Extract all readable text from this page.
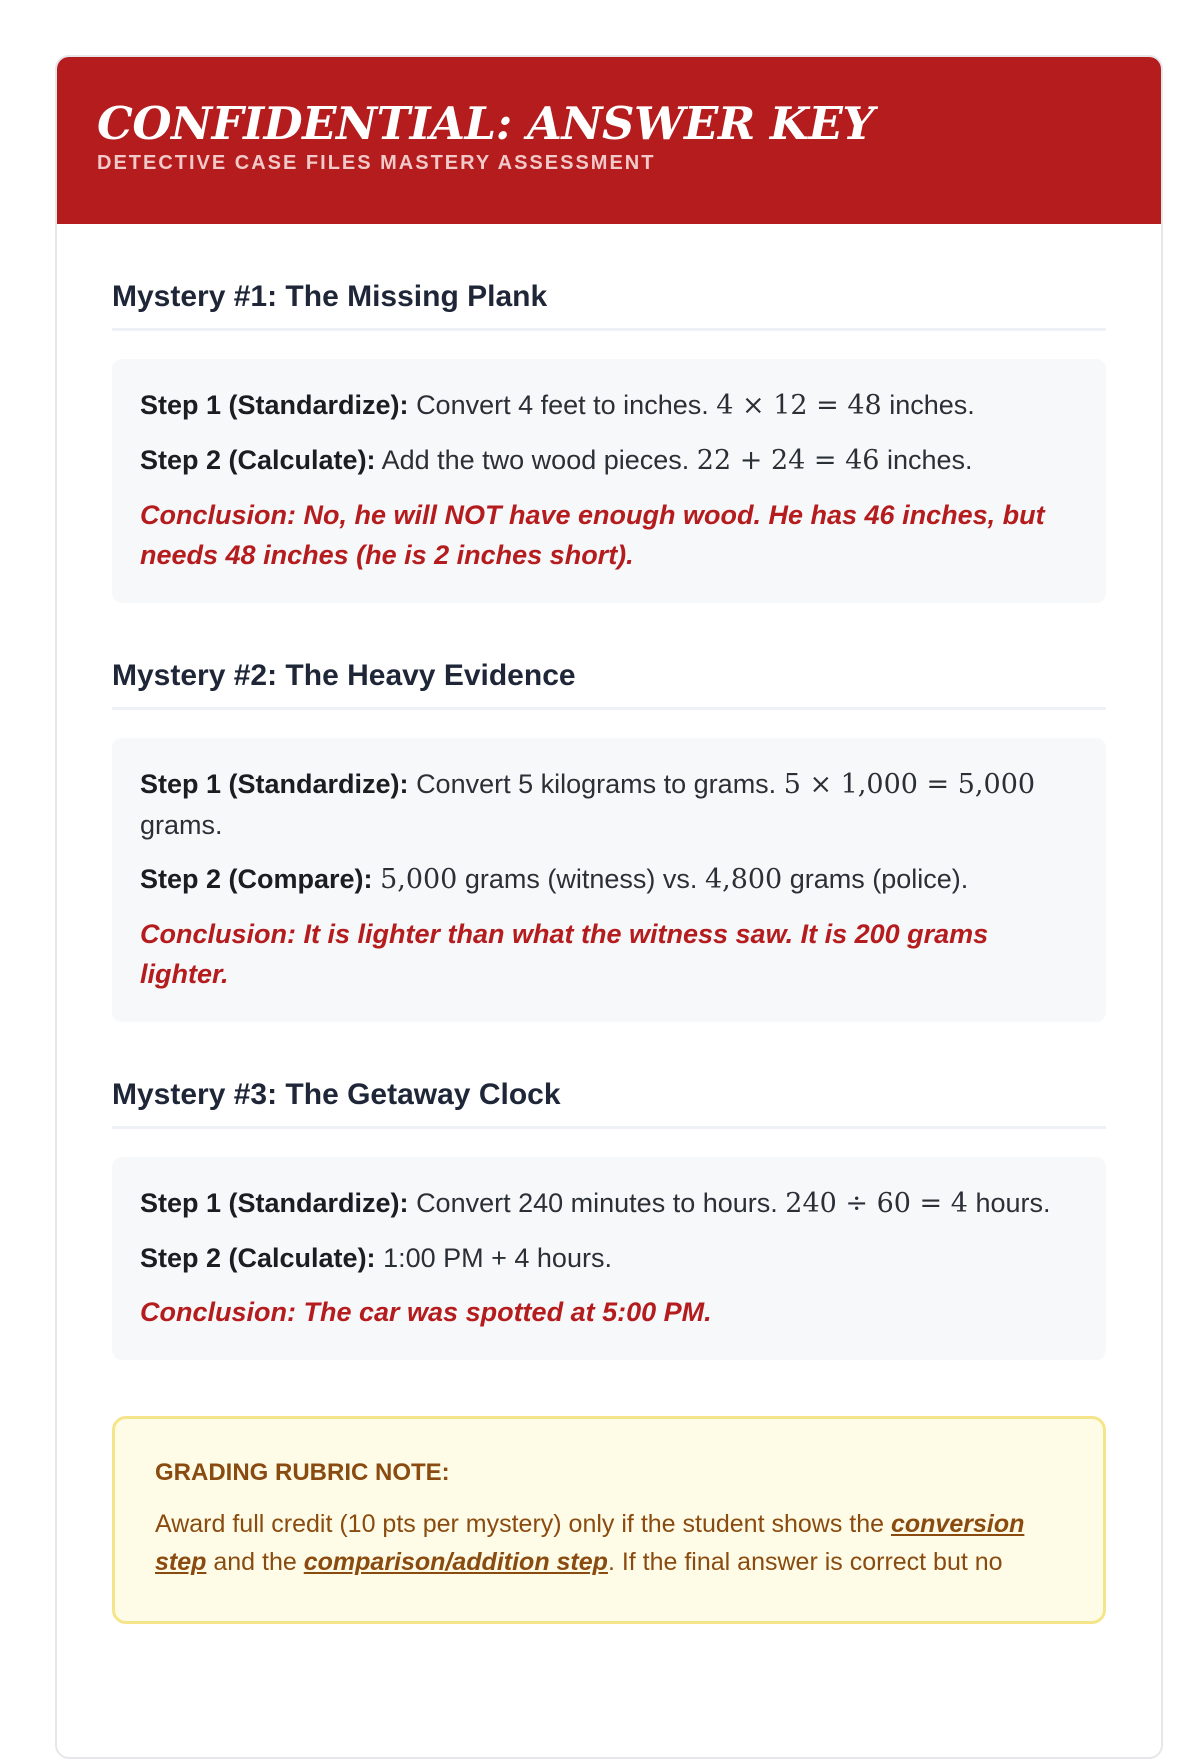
CONFIDENTIAL: ANSWER KEY
DETECTIVE CASE FILES MASTERY ASSESSMENT
Mystery #1: The Missing Plank

Step 1 (Standardize): Convert 4 feet to inches. 4 × 12 = 48 inches.

Step 2 (Calculate): Add the two wood pieces. 22 + 24 = 46 inches.

Conclusion: No, he will NOT have enough wood. He has 46 inches, but needs 48 inches (he is 2 inches short).

Mystery #2: The Heavy Evidence

Step 1 (Standardize): Convert 5 kilograms to grams. 5 × 1,000 = 5,000 grams.

Step 2 (Compare): 5,000 grams (witness) vs. 4,800 grams (police).

Conclusion: It is lighter than what the witness saw. It is 200 grams lighter.

Mystery #3: The Getaway Clock

Step 1 (Standardize): Convert 240 minutes to hours. 240 ÷ 60 = 4 hours.

Step 2 (Calculate): 1:00 PM + 4 hours.

Conclusion: The car was spotted at 5:00 PM.

GRADING RUBRIC NOTE:
Award full credit (10 pts per mystery) only if the student shows the conversion step and the comparison/addition step. If the final answer is correct but no
